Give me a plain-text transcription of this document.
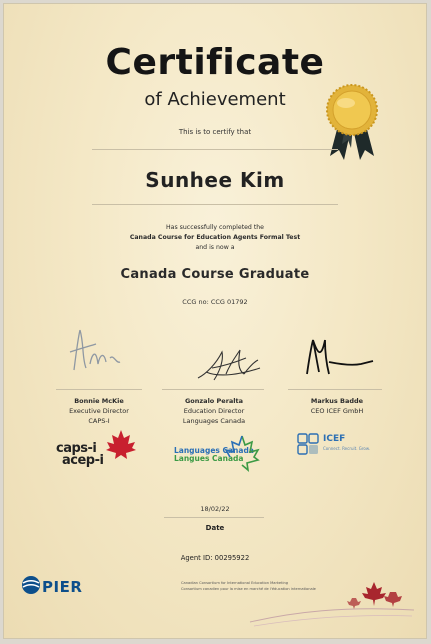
Certificate
of Achievement
This is to certify that
Sunhee Kim
Has successfully completed the
Canada Course for Education Agents Formal Test
and is now a
Canada Course Graduate
CCG no: CCG 01792
Bonnie McKie
Executive Director
CAPS-I
Gonzalo Peralta
Education Director
Languages Canada
Markus Badde
CEO ICEF GmbH
caps-i
acep-i
Languages Canada
Langues Canada
ICEF
Connect. Recruit. Grow.
18/02/22
Date
Agent ID: 00295922
PIER	Canadian Consortium for International Education Marketing
Consortium canadien pour la mise en marché de l'éducation internationale
